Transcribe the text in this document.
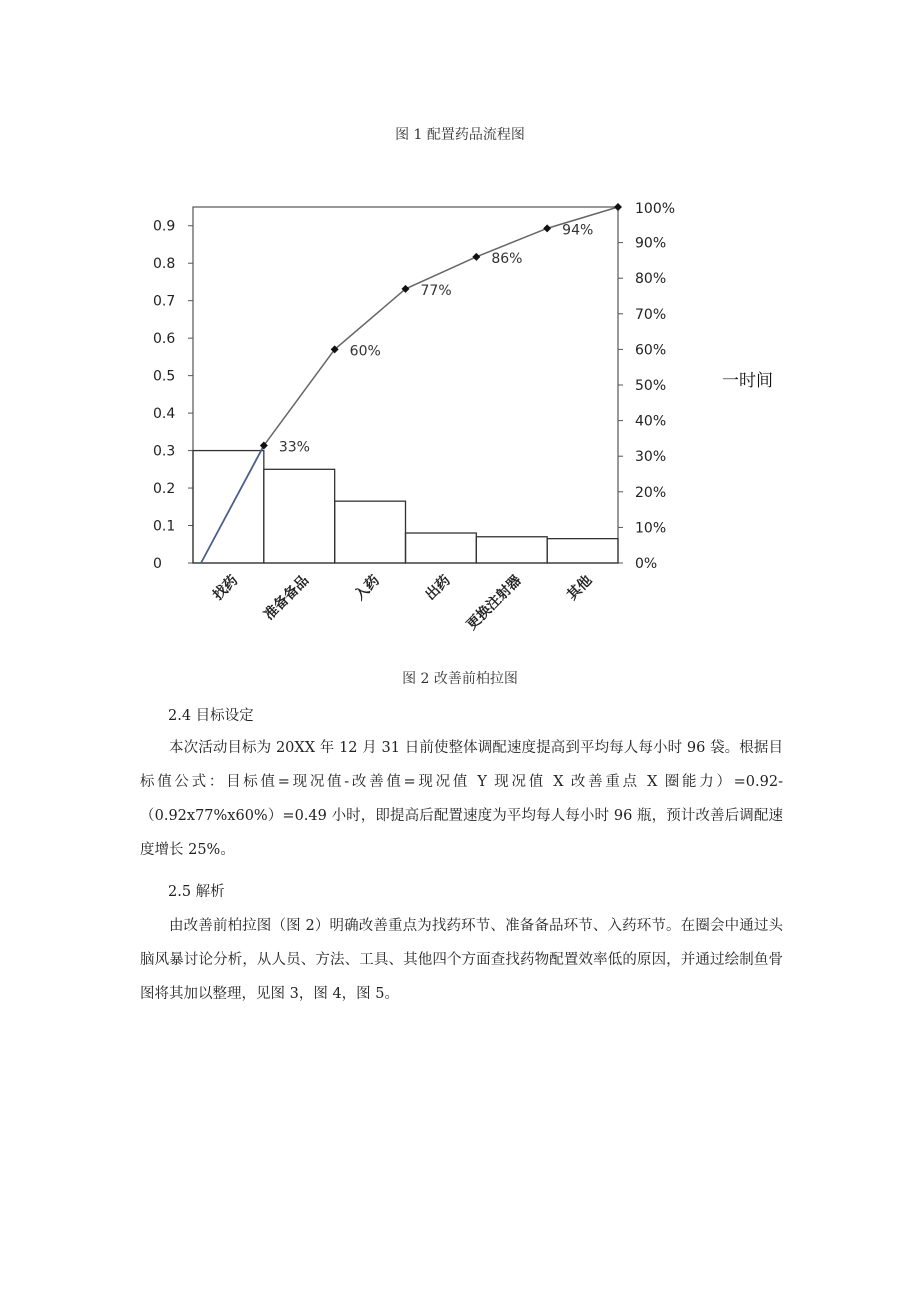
图 1 配置药品流程图
0
0.1
0.2
0.3
0.4
0.5
0.6
0.7
0.8
0.9
0%
10%
20%
30%
40%
50%
60%
70%
80%
90%
找药 准备备品	入药	出药 更换注射器	其他
33%
60%
77%
86%
94%
100%
一时间
图 2 改善前柏拉图
2.4 目标设定

本次活动目标为 20XX 年 12 月 31 日前使整体调配速度提高到平均每人每小时 96 袋。根据目标值公式：目标值=现况值-改善值=现况值 Y 现况值 X 改善重点 X 圈能力）=0.92-（0.92x77%x60%）=0.49 小时，即提高后配置速度为平均每人每小时 96 瓶，预计改善后调配速度增长 25%。

2.5 解析

由改善前柏拉图（图 2）明确改善重点为找药环节、准备备品环节、入药环节。在圈会中通过头脑风暴讨论分析，从人员、方法、工具、其他四个方面查找药物配置效率低的原因，并通过绘制鱼骨图将其加以整理，见图 3，图 4，图 5。
